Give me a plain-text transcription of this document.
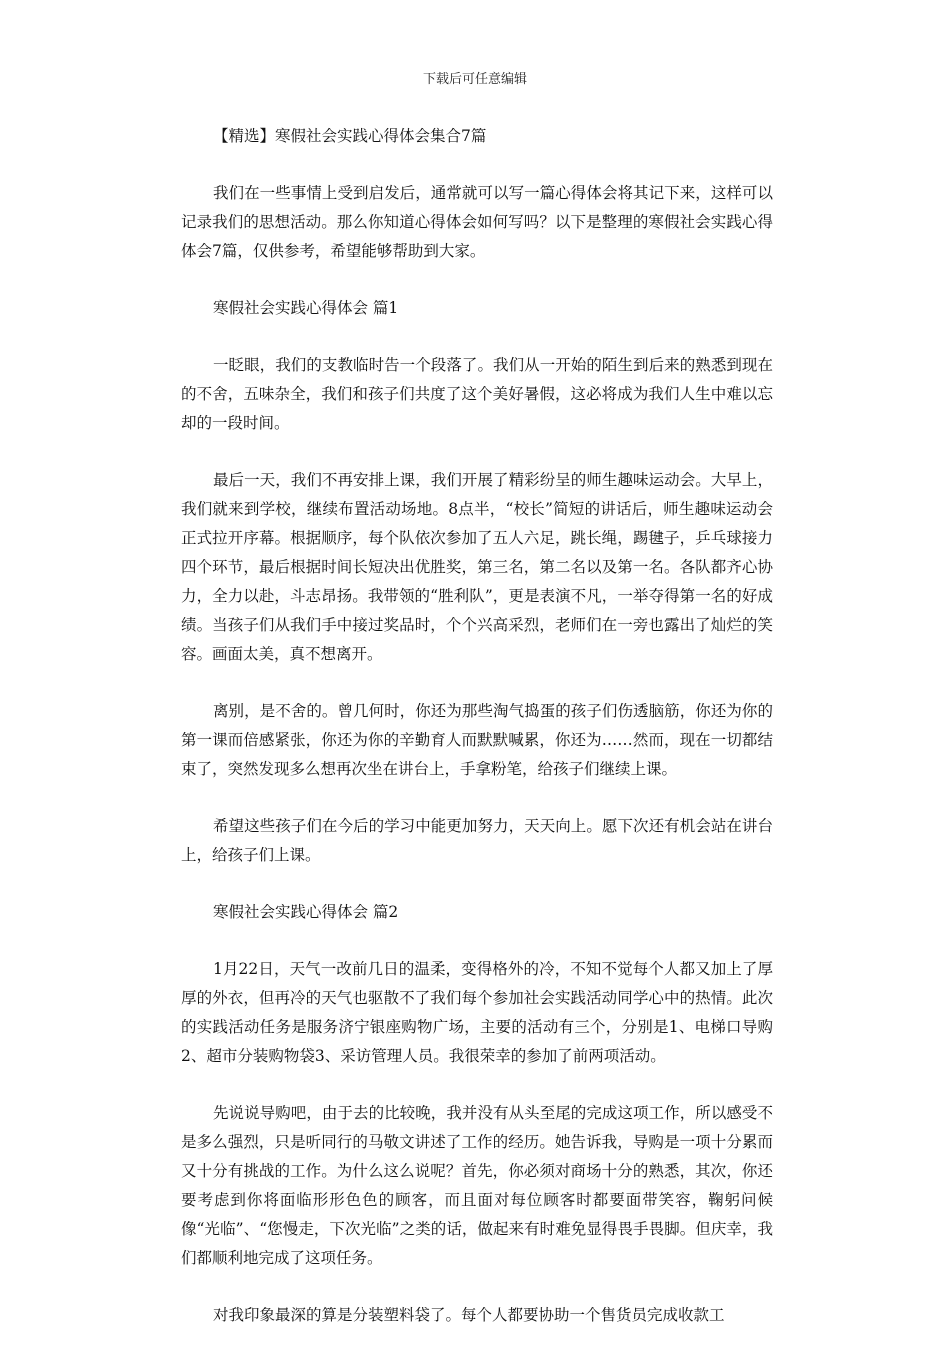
下载后可任意编辑
【精选】寒假社会实践心得体会集合7篇

我们在一些事情上受到启发后，通常就可以写一篇心得体会将其记下来，这样可以记录我们的思想活动。那么你知道心得体会如何写吗？以下是整理的寒假社会实践心得体会7篇，仅供参考，希望能够帮助到大家。

寒假社会实践心得体会 篇1

一眨眼，我们的支教临时告一个段落了。我们从一开始的陌生到后来的熟悉到现在的不舍，五味杂全，我们和孩子们共度了这个美好暑假，这必将成为我们人生中难以忘却的一段时间。

最后一天，我们不再安排上课，我们开展了精彩纷呈的师生趣味运动会。大早上，我们就来到学校，继续布置活动场地。8点半，“校长”简短的讲话后，师生趣味运动会正式拉开序幕。根据顺序，每个队依次参加了五人六足，跳长绳，踢毽子，乒乓球接力四个环节，最后根据时间长短决出优胜奖，第三名，第二名以及第一名。各队都齐心协力，全力以赴，斗志昂扬。我带领的“胜利队”，更是表演不凡，一举夺得第一名的好成绩。当孩子们从我们手中接过奖品时，个个兴高采烈，老师们在一旁也露出了灿烂的笑容。画面太美，真不想离开。

离别，是不舍的。曾几何时，你还为那些淘气捣蛋的孩子们伤透脑筋，你还为你的第一课而倍感紧张，你还为你的辛勤育人而默默喊累，你还为……然而，现在一切都结束了，突然发现多么想再次坐在讲台上，手拿粉笔，给孩子们继续上课。

希望这些孩子们在今后的学习中能更加努力，天天向上。愿下次还有机会站在讲台上，给孩子们上课。

寒假社会实践心得体会 篇2

1月22日，天气一改前几日的温柔，变得格外的冷，不知不觉每个人都又加上了厚厚的外衣，但再冷的天气也驱散不了我们每个参加社会实践活动同学心中的热情。此次的实践活动任务是服务济宁银座购物广场，主要的活动有三个，分别是1、电梯口导购2、超市分装购物袋3、采访管理人员。我很荣幸的参加了前两项活动。

先说说导购吧，由于去的比较晚，我并没有从头至尾的完成这项工作，所以感受不是多么强烈，只是听同行的马敬文讲述了工作的经历。她告诉我，导购是一项十分累而又十分有挑战的工作。为什么这么说呢？首先，你必须对商场十分的熟悉，其次，你还要考虑到你将面临形形色色的顾客，而且面对每位顾客时都要面带笑容，鞠躬问候像“光临”、“您慢走，下次光临”之类的话，做起来有时难免显得畏手畏脚。但庆幸，我们都顺利地完成了这项任务。

对我印象最深的算是分装塑料袋了。每个人都要协助一个售货员完成收款工
